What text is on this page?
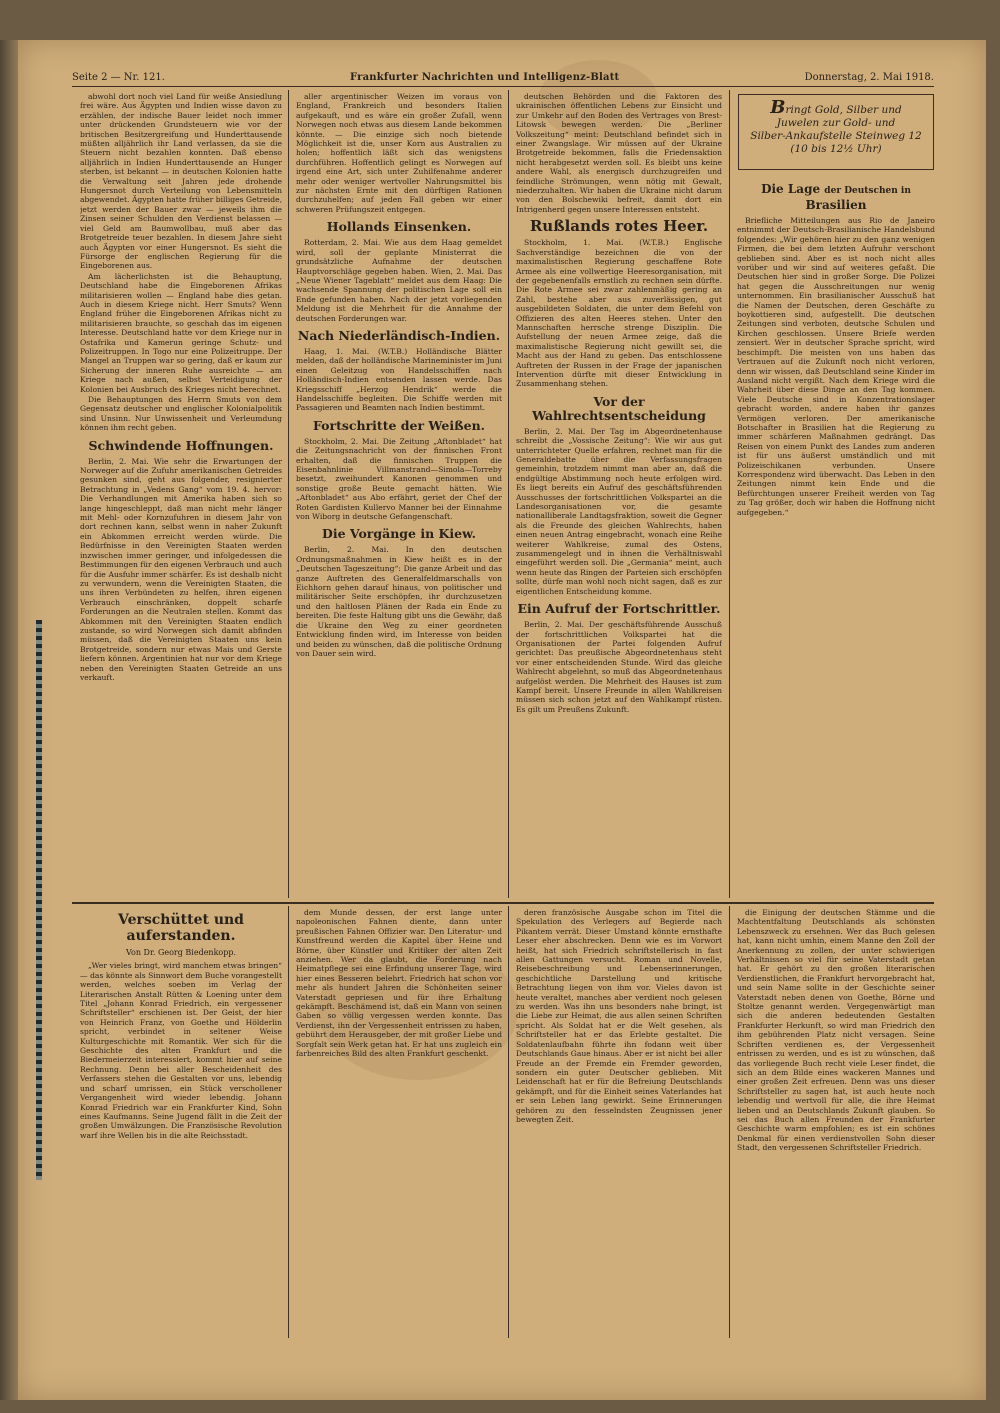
Seite 2 — Nr. 121.	Frankfurter Nachrichten und Intelligenz-Blatt	Donnerstag, 2. Mai 1918.

abwohl dort noch viel Land für weiße Ansiedlung frei wäre. Aus Ägypten und Indien wisse davon zu erzählen, der indische Bauer leidet noch immer unter drückenden Grundsteuern wie vor der britischen Besitzergreifung und Hunderttausende müßten alljährlich ihr Land verlassen, da sie die Steuern nicht bezahlen konnten. Daß ebenso alljährlich in Indien Hunderttausende an Hunger sterben, ist bekannt — in deutschen Kolonien hatte die Verwaltung seit Jahren jede drohende Hungersnot durch Verteilung von Lebensmitteln abgewendet. Ägypten hatte früher billiges Getreide, jetzt werden der Bauer zwar — jeweils ihm die Zinsen seiner Schulden den Verdienst belassen — viel Geld am Baumwollbau, muß aber das Brotgetreide teuer bezahlen. In diesem Jahre sieht auch Ägypten vor einer Hungersnot. Es sieht die Fürsorge der englischen Regierung für die Eingeborenen aus.

Am lächerlichsten ist die Behauptung, Deutschland habe die Eingeborenen Afrikas militarisieren wollen — England habe dies getan. Auch in diesem Kriege nicht. Herr Smuts? Wenn England früher die Eingeborenen Afrikas nicht zu militarisieren brauchte, so geschah das im eigenen Interesse. Deutschland hatte vor dem Kriege nur in Ostafrika und Kamerun geringe Schutz- und Polizeitruppen. In Togo nur eine Polizeitruppe. Der Mangel an Truppen war so gering, daß er kaum zur Sicherung der inneren Ruhe ausreichte — am Kriege nach außen, selbst Verteidigung der Kolonien bei Ausbruch des Krieges nicht berechnet.

Die Behauptungen des Herrn Smuts von dem Gegensatz deutscher und englischer Kolonialpolitik sind Unsinn. Nur Unwissenheit und Verleumdung können ihm recht geben.

Schwindende Hoffnungen.

Berlin, 2. Mai. Wie sehr die Erwartungen der Norweger auf die Zufuhr amerikanischen Getreides gesunken sind, geht aus folgender, resignierter Betrachtung in „Vedens Gang“ vom 19. 4. hervor: Die Verhandlungen mit Amerika haben sich so lange hingeschleppt, daß man nicht mehr länger mit Mehl- oder Kornzufuhren in diesem Jahr von dort rechnen kann, selbst wenn in naher Zukunft ein Abkommen erreicht werden würde. Die Bedürfnisse in den Vereinigten Staaten werden inzwischen immer geringer, und infolgedessen die Bestimmungen für den eigenen Verbrauch und auch für die Ausfuhr immer schärfer. Es ist deshalb nicht zu verwundern, wenn die Vereinigten Staaten, die uns ihren Verbündeten zu helfen, ihren eigenen Verbrauch einschränken, doppelt scharfe Forderungen an die Neutralen stellen. Kommt das Abkommen mit den Vereinigten Staaten endlich zustande, so wird Norwegen sich damit abfinden müssen, daß die Vereinigten Staaten uns kein Brotgetreide, sondern nur etwas Mais und Gerste liefern können. Argentinien hat nur vor dem Kriege neben den Vereinigten Staaten Getreide an uns verkauft.

aller argentinischer Weizen im voraus von England, Frankreich und besonders Italien aufgekauft, und es wäre ein großer Zufall, wenn Norwegen noch etwas aus diesem Lande bekommen könnte. — Die einzige sich noch bietende Möglichkeit ist die, unser Korn aus Australien zu holen; hoffentlich läßt sich das wenigstens durchführen. Hoffentlich gelingt es Norwegen auf irgend eine Art, sich unter Zuhilfenahme anderer mehr oder weniger wertvoller Nahrungsmittel bis zur nächsten Ernte mit den dürftigen Rationen durchzuhelfen; auf jeden Fall geben wir einer schweren Prüfungszeit entgegen.

Hollands Einsenken.

Rotterdam, 2. Mai. Wie aus dem Haag gemeldet wird, soll der geplante Ministerrat die grundsätzliche Aufnahme der deutschen Hauptvorschläge gegeben haben. Wien, 2. Mai. Das „Neue Wiener Tageblatt“ meldet aus dem Haag: Die wachsende Spannung der politischen Lage soll ein Ende gefunden haben. Nach der jetzt vorliegenden Meldung ist die Mehrheit für die Annahme der deutschen Forderungen war.

Nach Niederländisch-Indien.

Haag, 1. Mai. (W.T.B.) Holländische Blätter melden, daß der holländische Marineminister im Juni einen Geleitzug von Handelsschiffen nach Holländisch-Indien entsenden lassen werde. Das Kriegsschiff „Herzog Hendrik“ werde die Handelsschiffe begleiten. Die Schiffe werden mit Passagieren und Beamten nach Indien bestimmt.

Fortschritte der Weißen.

Stockholm, 2. Mai. Die Zeitung „Aftonbladet“ hat die Zeitungsnachricht von der finnischen Front erhalten, daß die finnischen Truppen die Eisenbahnlinie Villmanstrand—Simola—Torreby besetzt, zweihundert Kanonen genommen und sonstige große Beute gemacht hätten. Wie „Aftonbladet“ aus Abo erfährt, geriet der Chef der Roten Gardisten Kullervo Manner bei der Einnahme von Wiborg in deutsche Gefangenschaft.

Die Vorgänge in Kiew.

Berlin, 2. Mai. In den deutschen Ordnungsmaßnahmen in Kiew heißt es in der „Deutschen Tageszeitung“: Die ganze Arbeit und das ganze Auftreten des Generalfeldmarschalls von Eichhorn gehen darauf hinaus, von politischer und militärischer Seite erschöpfen, ihr durchzusetzen und den haltlosen Plänen der Rada ein Ende zu bereiten. Die feste Haltung gibt uns die Gewähr, daß die Ukraine den Weg zu einer geordneten Entwicklung finden wird, im Interesse von beiden und beiden zu wünschen, daß die politische Ordnung von Dauer sein wird.

deutschen Behörden und die Faktoren des ukrainischen öffentlichen Lebens zur Einsicht und zur Umkehr auf den Boden des Vertrages von Brest-Litowsk bewegen werden. Die „Berliner Volkszeitung“ meint: Deutschland befindet sich in einer Zwangslage. Wir müssen auf der Ukraine Brotgetreide bekommen, falls die Friedensaktion nicht herabgesetzt werden soll. Es bleibt uns keine andere Wahl, als energisch durchzugreifen und feindliche Strömungen, wenn nötig mit Gewalt, niederzuhalten. Wir haben die Ukraine nicht darum von den Bolschewiki befreit, damit dort ein Intrigenherd gegen unsere Interessen entsteht.

Rußlands rotes Heer.

Stockholm, 1. Mai. (W.T.B.) Englische Sachverständige bezeichnen die von der maximalistischen Regierung geschaffene Rote Armee als eine vollwertige Heeresorganisation, mit der gegebenenfalls ernstlich zu rechnen sein dürfte. Die Rote Armee sei zwar zahlenmäßig gering an Zahl, bestehe aber aus zuverlässigen, gut ausgebildeten Soldaten, die unter dem Befehl von Offizieren des alten Heeres stehen. Unter den Mannschaften herrsche strenge Disziplin. Die Aufstellung der neuen Armee zeige, daß die maximalistische Regierung nicht gewillt sei, die Macht aus der Hand zu geben. Das entschlossene Auftreten der Russen in der Frage der japanischen Intervention dürfte mit dieser Entwicklung in Zusammenhang stehen.

Vor der Wahlrechtsentscheidung

Berlin, 2. Mai. Der Tag im Abgeordnetenhause schreibt die „Vossische Zeitung“: Wie wir aus gut unterrichteter Quelle erfahren, rechnet man für die Generaldebatte über die Verfassungsfragen gemeinhin, trotzdem nimmt man aber an, daß die endgültige Abstimmung noch heute erfolgen wird. Es liegt bereits ein Aufruf des geschäftsführenden Ausschusses der fortschrittlichen Volkspartei an die Landesorganisationen vor, die gesamte nationalliberale Landtagsfraktion, soweit die Gegner als die Freunde des gleichen Wahlrechts, haben einen neuen Antrag eingebracht, wonach eine Reihe weiterer Wahlkreise, zumal des Ostens, zusammengelegt und in ihnen die Verhältniswahl eingeführt werden soll. Die „Germania“ meint, auch wenn heute das Ringen der Parteien sich erschöpfen sollte, dürfe man wohl noch nicht sagen, daß es zur eigentlichen Entscheidung komme.

Ein Aufruf der Fortschrittler.

Berlin, 2. Mai. Der geschäftsführende Ausschuß der fortschrittlichen Volkspartei hat die Organisationen der Partei folgenden Aufruf gerichtet: Das preußische Abgeordnetenhaus steht vor einer entscheidenden Stunde. Wird das gleiche Wahlrecht abgelehnt, so muß das Abgeordnetenhaus aufgelöst werden. Die Mehrheit des Hauses ist zum Kampf bereit. Unsere Freunde in allen Wahlkreisen müssen sich schon jetzt auf den Wahlkampf rüsten. Es gilt um Preußens Zukunft.

Bringt Gold, Silber und
Juwelen zur Gold- und
Silber-Ankaufstelle Steinweg 12
(10 bis 12½ Uhr)
Die Lage der Deutschen in Brasilien

Briefliche Mitteilungen aus Rio de Janeiro entnimmt der Deutsch-Brasilianische Handelsbund folgendes: „Wir gehören hier zu den ganz wenigen Firmen, die bei dem letzten Aufruhr verschont geblieben sind. Aber es ist noch nicht alles vorüber und wir sind auf weiteres gefaßt. Die Deutschen hier sind in großer Sorge. Die Polizei hat gegen die Ausschreitungen nur wenig unternommen. Ein brasilianischer Ausschuß hat die Namen der Deutschen, deren Geschäfte zu boykottieren sind, aufgestellt. Die deutschen Zeitungen sind verboten, deutsche Schulen und Kirchen geschlossen. Unsere Briefe werden zensiert. Wer in deutscher Sprache spricht, wird beschimpft. Die meisten von uns haben das Vertrauen auf die Zukunft noch nicht verloren, denn wir wissen, daß Deutschland seine Kinder im Ausland nicht vergißt. Nach dem Kriege wird die Wahrheit über diese Dinge an den Tag kommen. Viele Deutsche sind in Konzentrationslager gebracht worden, andere haben ihr ganzes Vermögen verloren. Der amerikanische Botschafter in Brasilien hat die Regierung zu immer schärferen Maßnahmen gedrängt. Das Reisen von einem Punkt des Landes zum anderen ist für uns äußerst umständlich und mit Polizeischikanen verbunden. Unsere Korrespondenz wird überwacht. Das Leben in den Zeitungen nimmt kein Ende und die Befürchtungen unserer Freiheit werden von Tag zu Tag größer, doch wir haben die Hoffnung nicht aufgegeben.“

Verschüttet und auferstanden.
Von Dr. Georg Biedenkopp.

„Wer vieles bringt, wird manchem etwas bringen“ — das könnte als Sinnwort dem Buche vorangestellt werden, welches soeben im Verlag der Literarischen Anstalt Rütten & Loening unter dem Titel „Johann Konrad Friedrich, ein vergessener Schriftsteller“ erschienen ist. Der Geist, der hier von Heinrich Franz, von Goethe und Hölderlin spricht, verbindet in seltener Weise Kulturgeschichte mit Romantik. Wer sich für die Geschichte des alten Frankfurt und die Biedermeierzeit interessiert, kommt hier auf seine Rechnung. Denn bei aller Bescheidenheit des Verfassers stehen die Gestalten vor uns, lebendig und scharf umrissen, ein Stück verschollener Vergangenheit wird wieder lebendig. Johann Konrad Friedrich war ein Frankfurter Kind, Sohn eines Kaufmanns. Seine Jugend fällt in die Zeit der großen Umwälzungen. Die Französische Revolution warf ihre Wellen bis in die alte Reichsstadt.

dem Munde dessen, der erst lange unter napoleonischen Fahnen diente, dann unter preußischen Fahnen Offizier war. Den Literatur- und Kunstfreund werden die Kapitel über Heine und Börne, über Künstler und Kritiker der alten Zeit anziehen. Wer da glaubt, die Forderung nach Heimatpflege sei eine Erfindung unserer Tage, wird hier eines Besseren belehrt. Friedrich hat schon vor mehr als hundert Jahren die Schönheiten seiner Vaterstadt gepriesen und für ihre Erhaltung gekämpft. Beschämend ist, daß ein Mann von seinen Gaben so völlig vergessen werden konnte. Das Verdienst, ihn der Vergessenheit entrissen zu haben, gebührt dem Herausgeber, der mit großer Liebe und Sorgfalt sein Werk getan hat. Er hat uns zugleich ein farbenreiches Bild des alten Frankfurt geschenkt.

deren französische Ausgabe schon im Titel die Spekulation des Verlegers auf Begierde nach Pikantem verrät. Dieser Umstand könnte ernsthafte Leser eher abschrecken. Denn wie es im Vorwort heißt, hat sich Friedrich schriftstellerisch in fast allen Gattungen versucht. Roman und Novelle, Reisebeschreibung und Lebenserinnerungen, geschichtliche Darstellung und kritische Betrachtung liegen von ihm vor. Vieles davon ist heute veraltet, manches aber verdient noch gelesen zu werden. Was ihn uns besonders nahe bringt, ist die Liebe zur Heimat, die aus allen seinen Schriften spricht. Als Soldat hat er die Welt gesehen, als Schriftsteller hat er das Erlebte gestaltet. Die Soldatenlaufbahn führte ihn fodann weit über Deutschlands Gaue hinaus. Aber er ist nicht bei aller Freude an der Fremde ein Fremder geworden, sondern ein guter Deutscher geblieben. Mit Leidenschaft hat er für die Befreiung Deutschlands gekämpft, und für die Einheit seines Vaterlandes hat er sein Leben lang gewirkt. Seine Erinnerungen gehören zu den fesselndsten Zeugnissen jener bewegten Zeit.

die Einigung der deutschen Stämme und die Machtentfaltung Deutschlands als schönsten Lebenszweck zu ersehnen. Wer das Buch gelesen hat, kann nicht umhin, einem Manne den Zoll der Anerkennung zu zollen, der unter schwierigen Verhältnissen so viel für seine Vaterstadt getan hat. Er gehört zu den großen literarischen Verdienstlichen, die Frankfurt hervorgebracht hat, und sein Name sollte in der Geschichte seiner Vaterstadt neben denen von Goethe, Börne und Stoltze genannt werden. Vergegenwärtigt man sich die anderen bedeutenden Gestalten Frankfurter Herkunft, so wird man Friedrich den ihm gebührenden Platz nicht versagen. Seine Schriften verdienen es, der Vergessenheit entrissen zu werden, und es ist zu wünschen, daß das vorliegende Buch recht viele Leser findet, die sich an dem Bilde eines wackeren Mannes und einer großen Zeit erfreuen. Denn was uns dieser Schriftsteller zu sagen hat, ist auch heute noch lebendig und wertvoll für alle, die ihre Heimat lieben und an Deutschlands Zukunft glauben. So sei das Buch allen Freunden der Frankfurter Geschichte warm empfohlen; es ist ein schönes Denkmal für einen verdienstvollen Sohn dieser Stadt, den vergessenen Schriftsteller Friedrich.
